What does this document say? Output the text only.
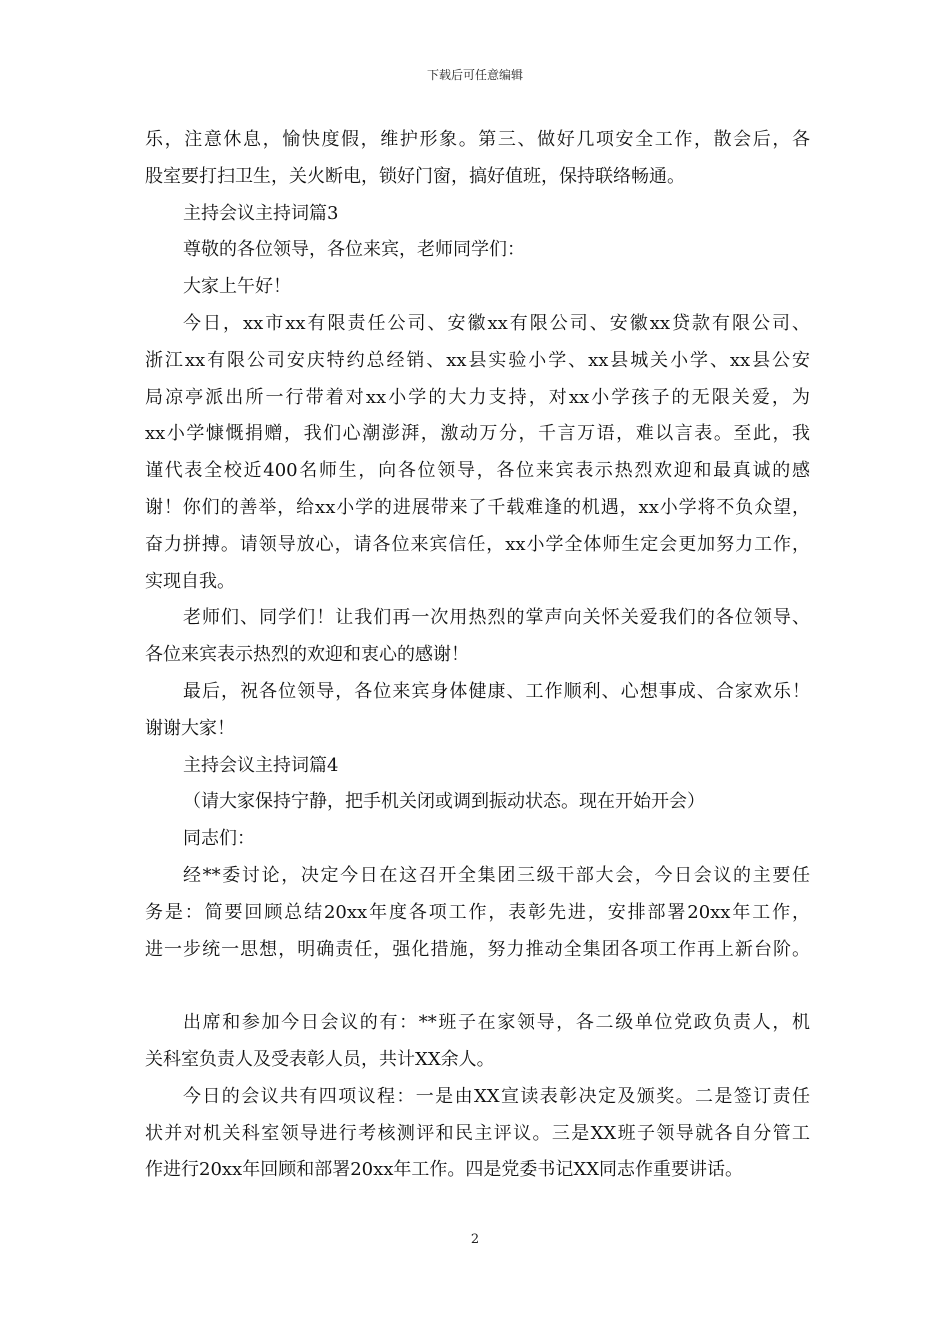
下载后可任意编辑
乐，注意休息，愉快度假，维护形象。第三、做好几项安全工作，散会后，各
股室要打扫卫生，关火断电，锁好门窗，搞好值班，保持联络畅通。
主持会议主持词篇3
尊敬的各位领导，各位来宾，老师同学们：
大家上午好！
今日，xx市xx有限责任公司、安徽xx有限公司、安徽xx贷款有限公司、
浙江xx有限公司安庆特约总经销、xx县实验小学、xx县城关小学、xx县公安
局凉亭派出所一行带着对xx小学的大力支持，对xx小学孩子的无限关爱，为
xx小学慷慨捐赠，我们心潮澎湃，激动万分，千言万语，难以言表。至此，我
谨代表全校近400名师生，向各位领导，各位来宾表示热烈欢迎和最真诚的感
谢！你们的善举，给xx小学的进展带来了千载难逢的机遇，xx小学将不负众望，
奋力拼搏。请领导放心，请各位来宾信任，xx小学全体师生定会更加努力工作，
实现自我。
老师们、同学们！让我们再一次用热烈的掌声向关怀关爱我们的各位领导、
各位来宾表示热烈的欢迎和衷心的感谢！
最后，祝各位领导，各位来宾身体健康、工作顺利、心想事成、合家欢乐！
谢谢大家！
主持会议主持词篇4
（请大家保持宁静，把手机关闭或调到振动状态。现在开始开会）
同志们：
经**委讨论，决定今日在这召开全集团三级干部大会，今日会议的主要任
务是：简要回顾总结20xx年度各项工作，表彰先进，安排部署20xx年工作，
进一步统一思想，明确责任，强化措施，努力推动全集团各项工作再上新台阶。
出席和参加今日会议的有：**班子在家领导，各二级单位党政负责人，机
关科室负责人及受表彰人员，共计XX余人。
今日的会议共有四项议程：一是由XX宣读表彰决定及颁奖。二是签订责任
状并对机关科室领导进行考核测评和民主评议。三是XX班子领导就各自分管工
作进行20xx年回顾和部署20xx年工作。四是党委书记XX同志作重要讲话。
2
